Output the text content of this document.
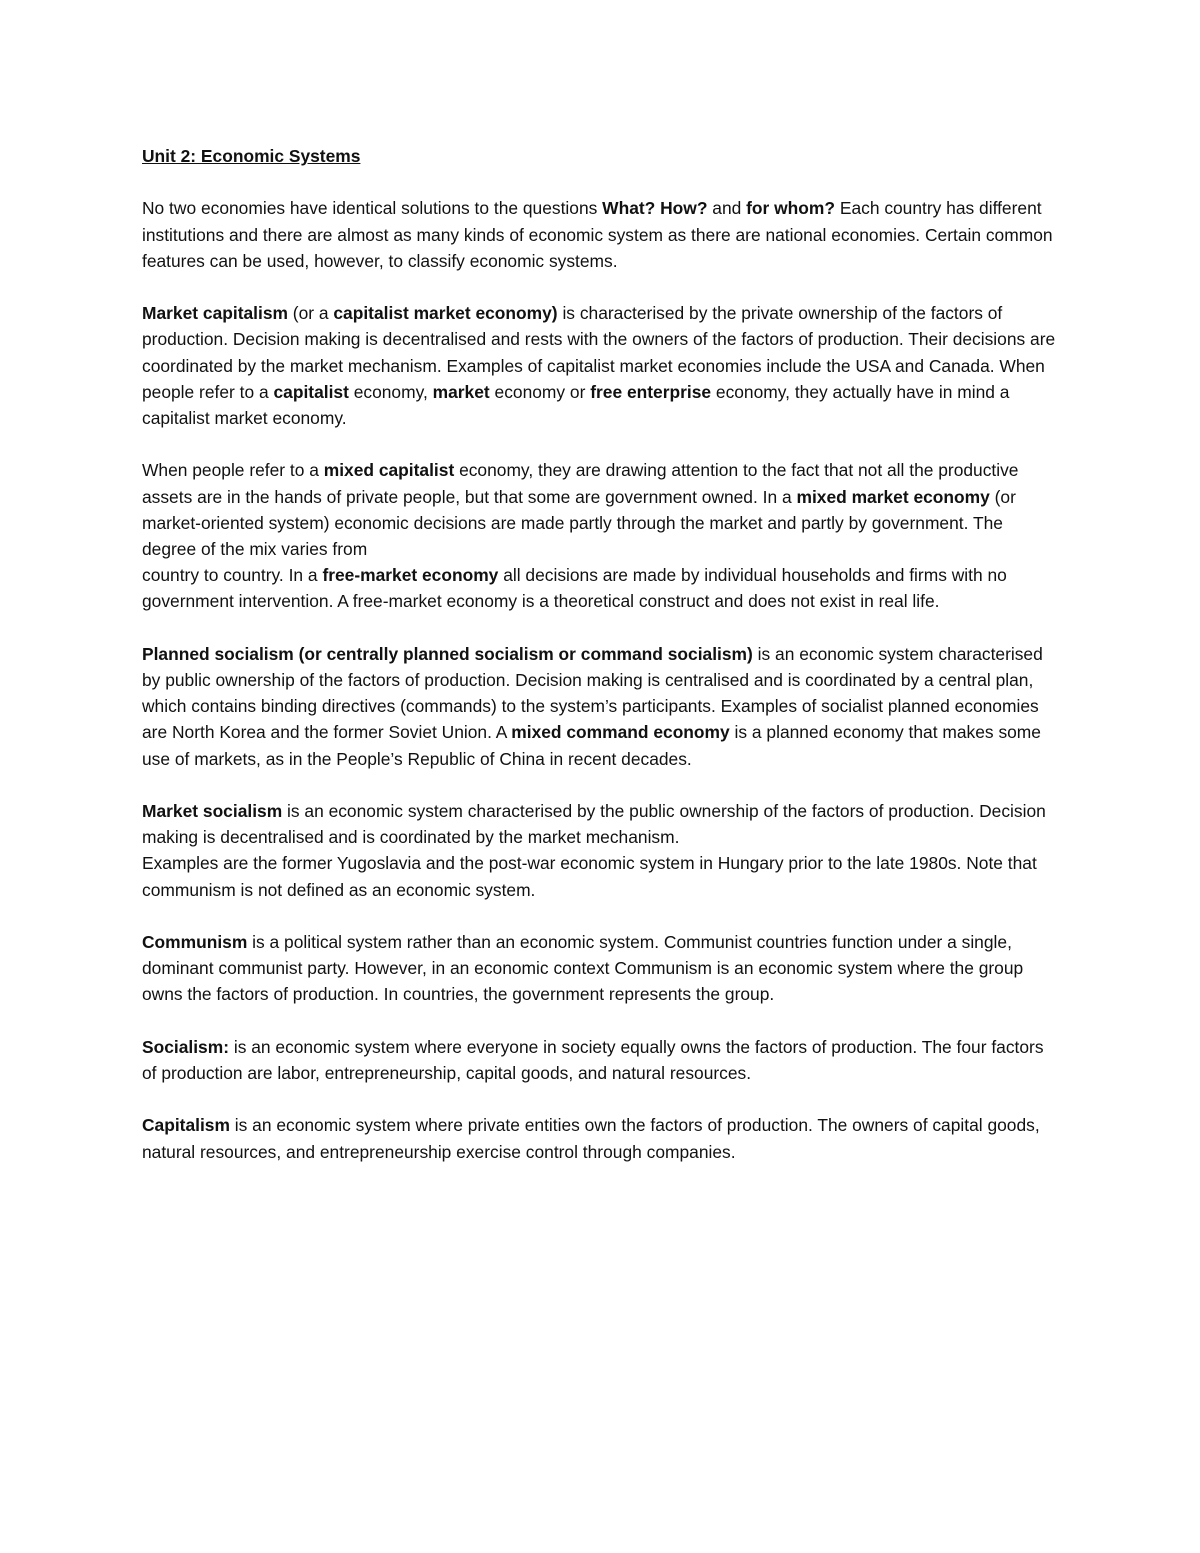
Unit 2: Economic Systems

No two economies have identical solutions to the questions What? How? and for whom? Each country has different institutions and there are almost as many kinds of economic system as there are national economies. Certain common features can be used, however, to classify economic systems.

Market capitalism (or a capitalist market economy) is characterised by the private ownership of the factors of production. Decision making is decentralised and rests with the owners of the factors of production. Their decisions are coordinated by the market mechanism. Examples of capitalist market economies include the USA and Canada. When people refer to a capitalist economy, market economy or free enterprise economy, they actually have in mind a capitalist market economy.

When people refer to a mixed capitalist economy, they are drawing attention to the fact that not all the productive assets are in the hands of private people, but that some are government owned. In a mixed market economy (or market-oriented system) economic decisions are made partly through the market and partly by government. The degree of the mix varies from
country to country. In a free-market economy all decisions are made by individual households and firms with no government intervention. A free-market economy is a theoretical construct and does not exist in real life.

Planned socialism (or centrally planned socialism or command socialism) is an economic system characterised by public ownership of the factors of production. Decision making is centralised and is coordinated by a central plan, which contains binding directives (commands) to the system’s participants. Examples of socialist planned economies are North Korea and the former Soviet Union. A mixed command economy is a planned economy that makes some use of markets, as in the People’s Republic of China in recent decades.

Market socialism is an economic system characterised by the public ownership of the factors of production. Decision making is decentralised and is coordinated by the market mechanism.
Examples are the former Yugoslavia and the post-war economic system in Hungary prior to the late 1980s. Note that communism is not defined as an economic system.

Communism is a political system rather than an economic system. Communist countries function under a single, dominant communist party. However, in an economic context Communism is an economic system where the group owns the factors of production. In countries, the government represents the group.

Socialism: is an economic system where everyone in society equally owns the factors of production. The four factors of production are labor, entrepreneurship, capital goods, and natural resources.

Capitalism is an economic system where private entities own the factors of production. The owners of capital goods, natural resources, and entrepreneurship exercise control through companies.
